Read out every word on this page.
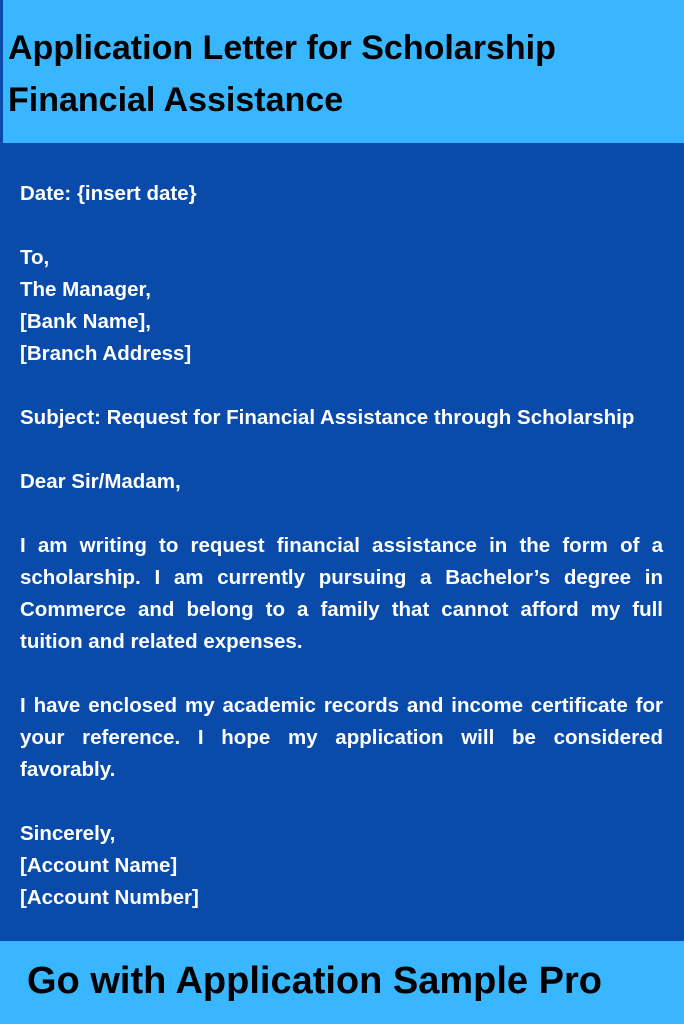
Application Letter for Scholarship
Financial Assistance
Date: {insert date}
To,
The Manager,
[Bank Name],
[Branch Address]
Subject: Request for Financial Assistance through Scholarship
Dear Sir/Madam,
I am writing to request financial assistance in the form of a scholarship. I am currently pursuing a Bachelor’s degree in Commerce and belong to a family that cannot afford my full tuition and related expenses.
I have enclosed my academic records and income certificate for your reference. I hope my application will be considered favorably.
Sincerely,
[Account Name]
[Account Number]

Go with Application Sample Pro
